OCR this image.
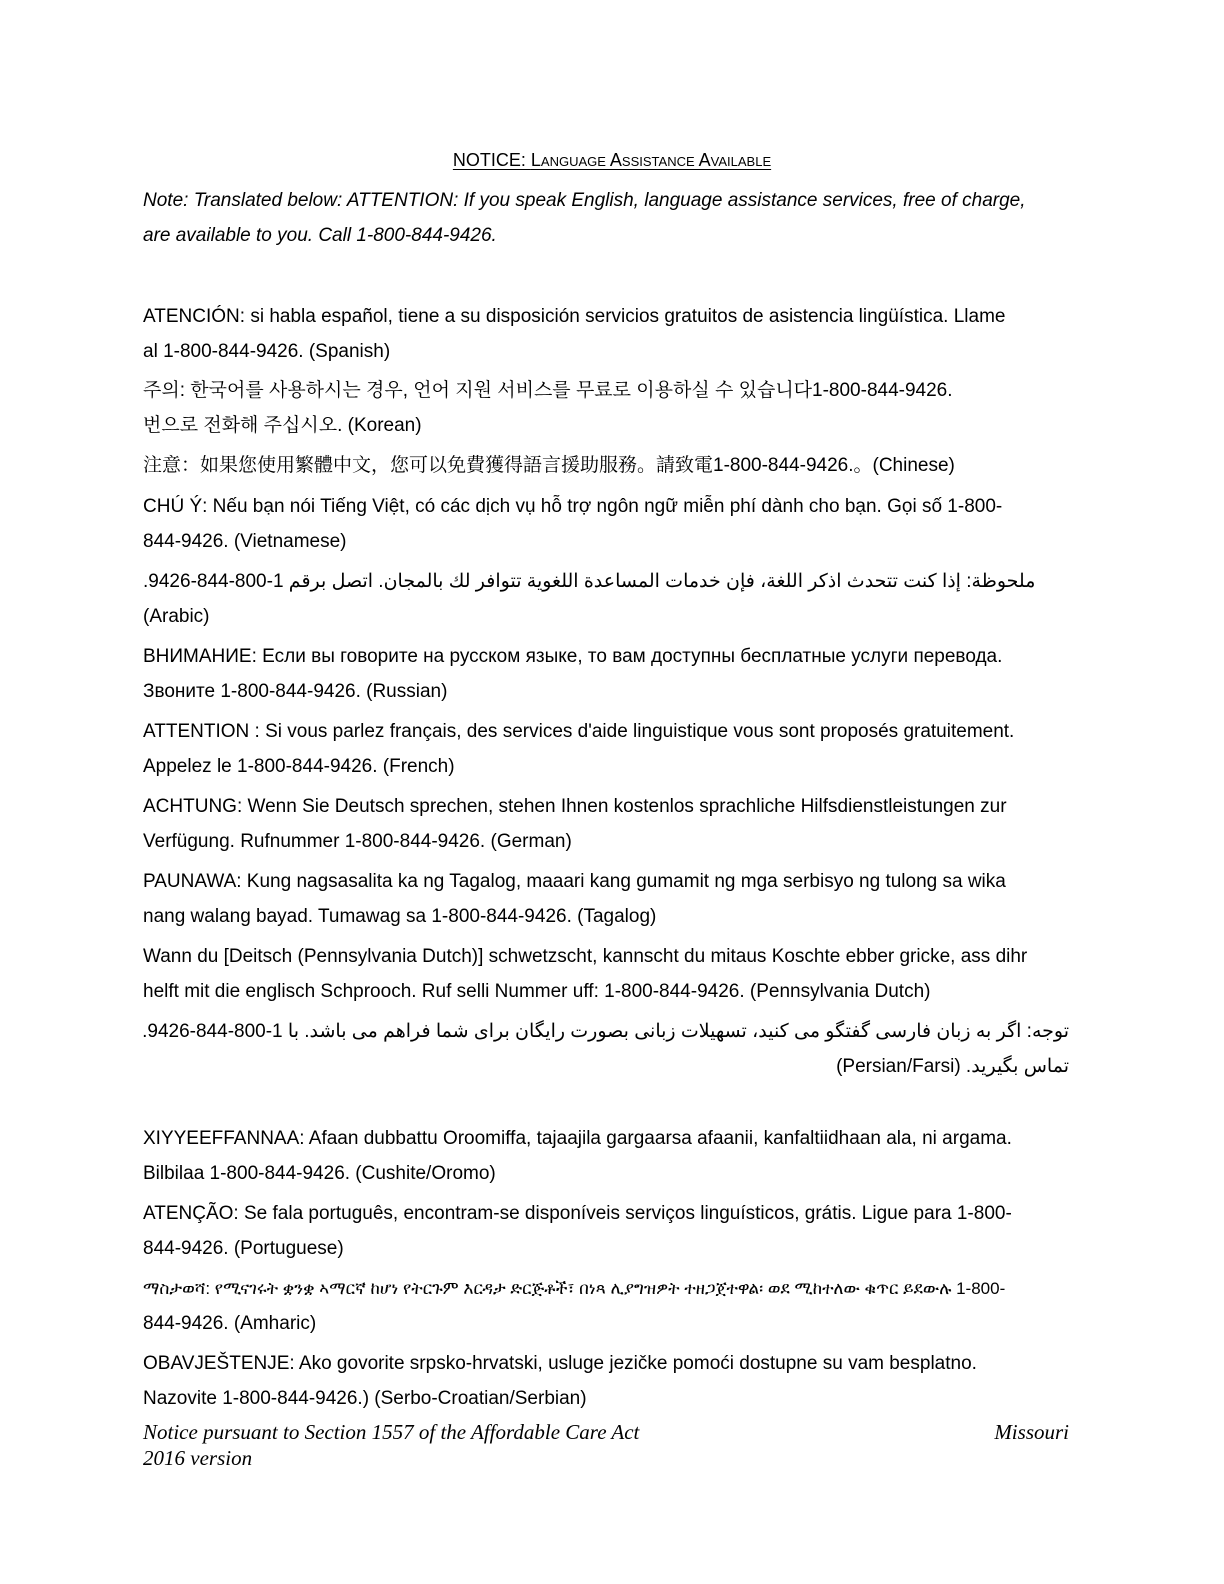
NOTICE: Language Assistance Available
Note: Translated below: ATTENTION: If you speak English, language assistance services, free of charge,
are available to you. Call 1-800-844-9426.
ATENCIÓN: si habla español, tiene a su disposición servicios gratuitos de asistencia lingüística. Llame
al 1-800-844-9426. (Spanish)
주의: 한국어를 사용하시는 경우, 언어 지원 서비스를 무료로 이용하실 수 있습니다1-800-844-9426.
번으로 전화해 주십시오. (Korean)
注意：如果您使用繁體中文，您可以免費獲得語言援助服務。請致電1-800-844-9426.。(Chinese)
CHÚ Ý: Nếu bạn nói Tiếng Việt, có các dịch vụ hỗ trợ ngôn ngữ miễn phí dành cho bạn. Gọi số 1-800-
844-9426. (Vietnamese)
ملحوظة: إذا كنت تتحدث اذكر اللغة، فإن خدمات المساعدة اللغوية تتوافر لك بالمجان. اتصل برقم 1-800-844-9426.
(Arabic)
ВНИМАНИЕ: Если вы говорите на русском языке, то вам доступны бесплатные услуги перевода.
Звоните 1-800-844-9426. (Russian)
ATTENTION : Si vous parlez français, des services d'aide linguistique vous sont proposés gratuitement.
Appelez le 1-800-844-9426. (French)
ACHTUNG: Wenn Sie Deutsch sprechen, stehen Ihnen kostenlos sprachliche Hilfsdienstleistungen zur
Verfügung. Rufnummer 1-800-844-9426. (German)
PAUNAWA: Kung nagsasalita ka ng Tagalog, maaari kang gumamit ng mga serbisyo ng tulong sa wika
nang walang bayad. Tumawag sa 1-800-844-9426. (Tagalog)
Wann du [Deitsch (Pennsylvania Dutch)] schwetzscht, kannscht du mitaus Koschte ebber gricke, ass dihr
helft mit die englisch Schprooch. Ruf selli Nummer uff: 1-800-844-9426. (Pennsylvania Dutch)
توجه: اگر به زبان فارسی گفتگو می کنید، تسهیلات زبانی بصورت رایگان برای شما فراهم می باشد. با 1-800-844-9426.
تماس بگیرید. (Persian/Farsi)
XIYYEEFFANNAA: Afaan dubbattu Oroomiffa, tajaajila gargaarsa afaanii, kanfaltiidhaan ala, ni argama.
Bilbilaa 1-800-844-9426. (Cushite/Oromo)
ATENÇÃO: Se fala português, encontram-se disponíveis serviços linguísticos, grátis. Ligue para 1-800-
844-9426. (Portuguese)
ማስታወሻ: የሚናገሩት ቋንቋ ኣማርኛ ከሆነ የትርጉም እርዳታ ድርጅቶች፣ በነጻ ሊያግዝዎት ተዘጋጀተዋል፡ ወደ ሚከተለው ቁጥር ይደውሉ 1-800-
844-9426. (Amharic)
OBAVJEŠTENJE: Ako govorite srpsko-hrvatski, usluge jezičke pomoći dostupne su vam besplatno.
Nazovite 1-800-844-9426.) (Serbo-Croatian/Serbian)
Notice pursuant to Section 1557 of the Affordable Care Act
2016 version
Missouri
